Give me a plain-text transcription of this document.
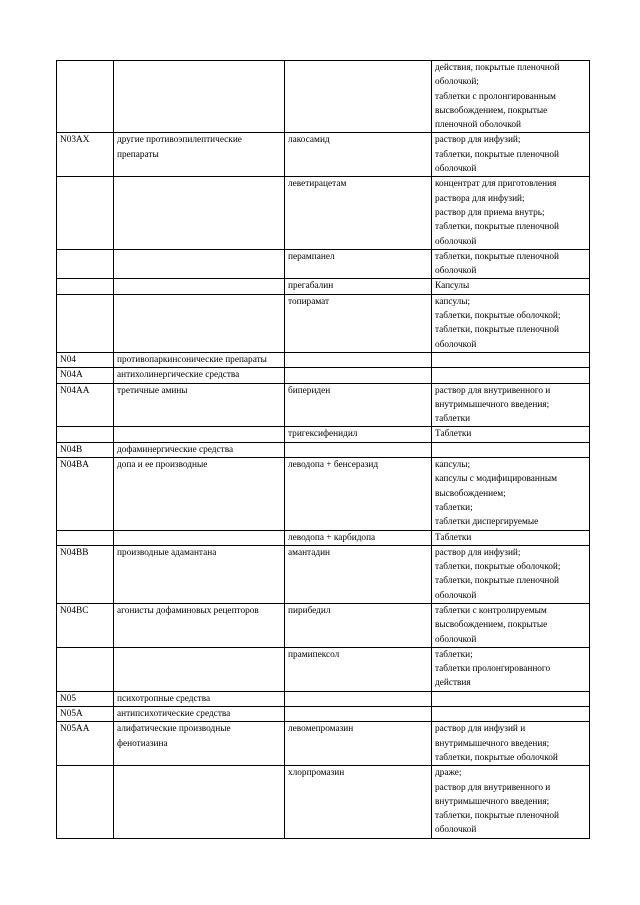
			действия, покрытые пленочной
оболочкой;
таблетки с пролонгированным
высвобождением, покрытые
пленочной оболочкой

N03AX	другие противоэпилептические препараты	лакосамид	раствор для инфузий;
таблетки, покрытые пленочной
оболочкой

		леветирацетам	концентрат для приготовления
раствора для инфузий;
раствор для приема внутрь;
таблетки, покрытые пленочной
оболочкой

		перампанел	таблетки, покрытые пленочной
оболочкой

		прегабалин	Капсулы

		топирамат	капсулы;
таблетки, покрытые оболочкой;
таблетки, покрытые пленочной
оболочкой

N04	противопаркинсонические препараты		

N04A	антихолинергические средства		

N04AA	третичные амины	бипериден	раствор для внутривенного и
внутримышечного введения;
таблетки

		тригексифенидил	Таблетки

N04B	дофаминергические средства		

N04BA	допа и ее производные	леводопа + бенсеразид	капсулы;
капсулы с модифицированным
высвобождением;
таблетки;
таблетки диспергируемые

		леводопа + карбидопа	Таблетки

N04BB	производные адамантана	амантадин	раствор для инфузий;
таблетки, покрытые оболочкой;
таблетки, покрытые пленочной
оболочкой

N04BC	агонисты дофаминовых рецепторов	пирибедил	таблетки с контролируемым
высвобождением, покрытые
оболочкой

		прамипексол	таблетки;
таблетки пролонгированного
действия

N05	психотропные средства		

N05A	антипсихотические средства		

N05AA	алифатические производные фенотиазина	левомепромазин	раствор для инфузий и
внутримышечного введения;
таблетки, покрытые оболочкой

		хлорпромазин	драже;
раствор для внутривенного и
внутримышечного введения;
таблетки, покрытые пленочной
оболочкой
